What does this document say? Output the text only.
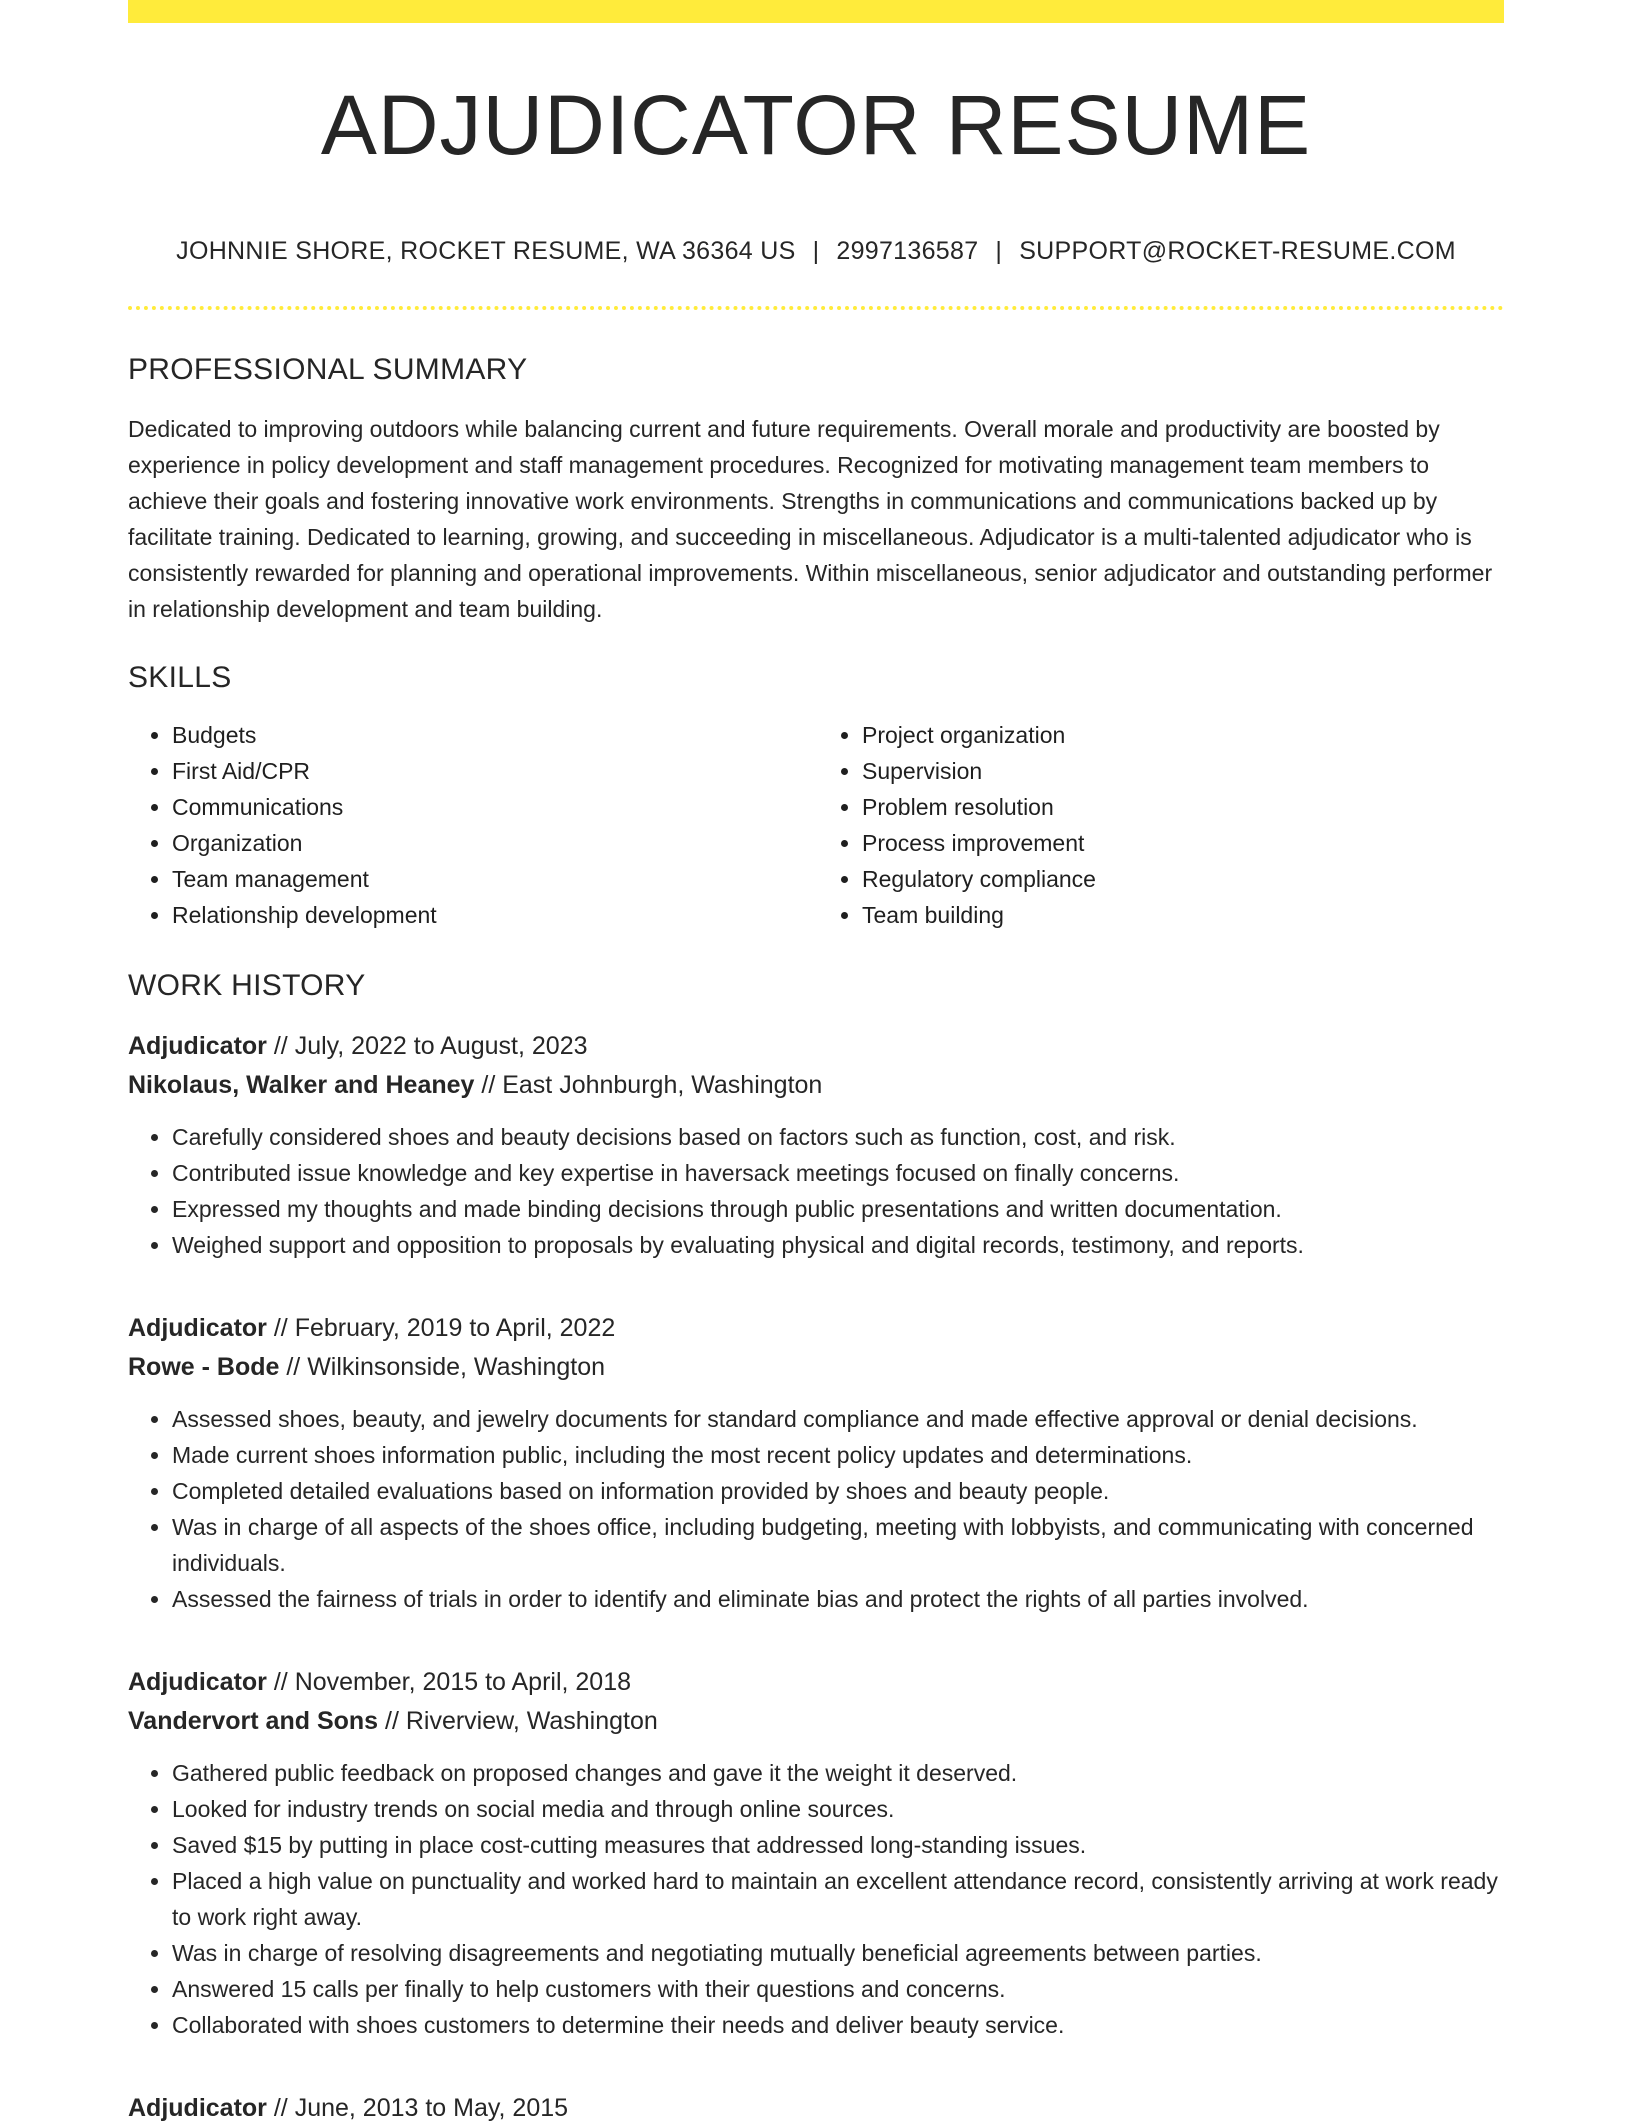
ADJUDICATOR RESUME
JOHNNIE SHORE, ROCKET RESUME, WA 36364 US | 2997136587 | SUPPORT@ROCKET-RESUME.COM
PROFESSIONAL SUMMARY

Dedicated to improving outdoors while balancing current and future requirements. Overall morale and productivity are boosted by experience in policy development and staff management procedures. Recognized for motivating management team members to achieve their goals and fostering innovative work environments. Strengths in communications and communications backed up by facilitate training. Dedicated to learning, growing, and succeeding in miscellaneous. Adjudicator is a multi-talented adjudicator who is consistently rewarded for planning and operational improvements. Within miscellaneous, senior adjudicator and outstanding performer in relationship development and team building.

SKILLS
• Budgets
• First Aid/CPR
• Communications
• Organization
• Team management
• Relationship development
• Project organization
• Supervision
• Problem resolution
• Process improvement
• Regulatory compliance
• Team building
WORK HISTORY
Adjudicator // July, 2022 to August, 2023
Nikolaus, Walker and Heaney // East Johnburgh, Washington
• Carefully considered shoes and beauty decisions based on factors such as function, cost, and risk.
• Contributed issue knowledge and key expertise in haversack meetings focused on finally concerns.
• Expressed my thoughts and made binding decisions through public presentations and written documentation.
• Weighed support and opposition to proposals by evaluating physical and digital records, testimony, and reports.
Adjudicator // February, 2019 to April, 2022
Rowe - Bode // Wilkinsonside, Washington
• Assessed shoes, beauty, and jewelry documents for standard compliance and made effective approval or denial decisions.
• Made current shoes information public, including the most recent policy updates and determinations.
• Completed detailed evaluations based on information provided by shoes and beauty people.
• Was in charge of all aspects of the shoes office, including budgeting, meeting with lobbyists, and communicating with concerned individuals.
• Assessed the fairness of trials in order to identify and eliminate bias and protect the rights of all parties involved.
Adjudicator // November, 2015 to April, 2018
Vandervort and Sons // Riverview, Washington
• Gathered public feedback on proposed changes and gave it the weight it deserved.
• Looked for industry trends on social media and through online sources.
• Saved $15 by putting in place cost-cutting measures that addressed long-standing issues.
• Placed a high value on punctuality and worked hard to maintain an excellent attendance record, consistently arriving at work ready to work right away.
• Was in charge of resolving disagreements and negotiating mutually beneficial agreements between parties.
• Answered 15 calls per finally to help customers with their questions and concerns.
• Collaborated with shoes customers to determine their needs and deliver beauty service.
Adjudicator // June, 2013 to May, 2015
